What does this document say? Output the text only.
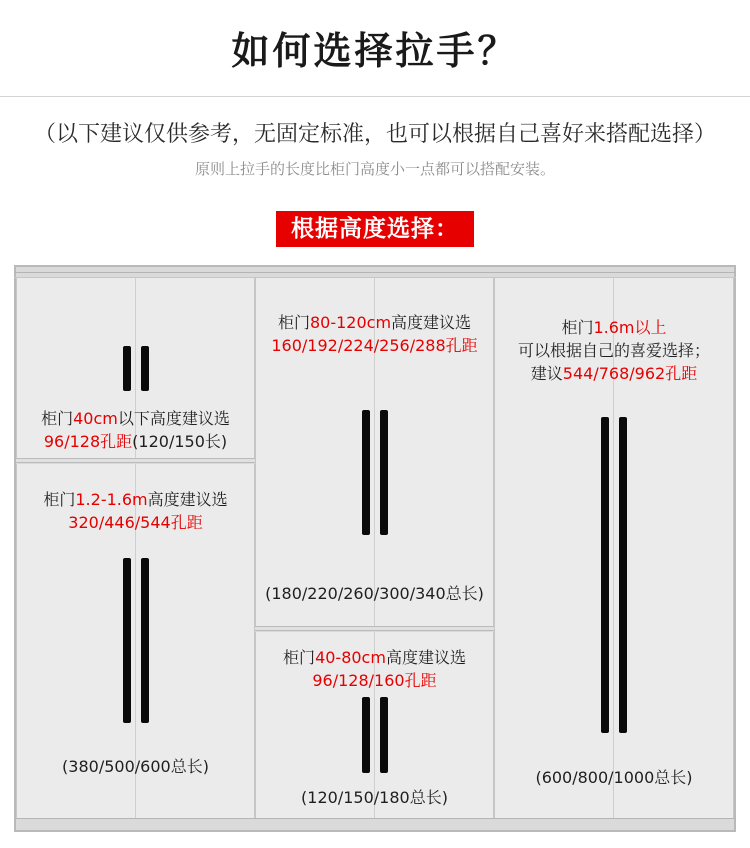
如何选择拉手？
（以下建议仅供参考，无固定标准，也可以根据自己喜好来搭配选择）
原则上拉手的长度比柜门高度小一点都可以搭配安装。
根据高度选择：
柜门40cm以下高度建议选
96/128孔距(120/150长)
柜门1.2-1.6m高度建议选
320/446/544孔距
(380/500/600总长)
柜门80-120cm高度建议选
160/192/224/256/288孔距
(180/220/260/300/340总长)
柜门40-80cm高度建议选
96/128/160孔距
(120/150/180总长)
柜门1.6m以上
可以根据自己的喜爱选择；
建议544/768/962孔距
(600/800/1000总长)
